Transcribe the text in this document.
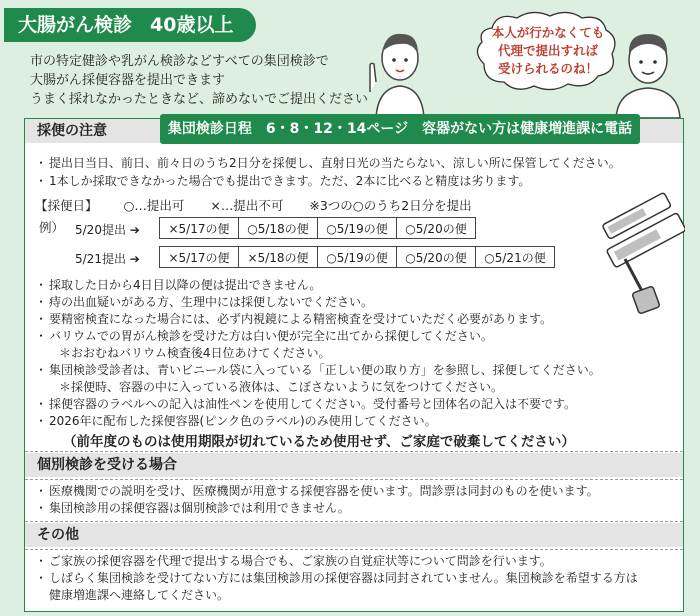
大腸がん検診 40歳以上
市の特定健診や乳がん検診などすべての集団検診で
大腸がん採便容器を提出できます
うまく採れなかったときなど、諦めないでご提出ください
本人が行かなくても
代理で提出すれば
受けられるのね！
採便の注意
・ 提出日当日、前日、前々日のうち2日分を採便し、直射日光の当たらない、涼しい所に保管してください。
・ 1本しか採取できなかった場合でも提出できます。ただ、2本に比べると精度は劣ります。
【採便日】 ○…提出可 ×…提出不可 ※3つの○のうち2日分を提出
例） 5/20提出 ➔	×5/17の便	○5/18の便	○5/19の便	○5/20の便
5/21提出 ➔	×5/17の便	×5/18の便	○5/19の便	○5/20の便	○5/21の便
・ 採取した日から4日目以降の便は提出できません。
・ 痔の出血疑いがある方、生理中には採便しないでください。
・ 要精密検査になった場合には、必ず内視鏡による精密検査を受けていただく必要があります。
・ バリウムでの胃がん検診を受けた方は白い便が完全に出てから採便してください。
＊おおむねバリウム検査後4日位あけてください。
・ 集団検診受診者は、青いビニール袋に入っている「正しい便の取り方」を参照し、採便してください。
＊採便時、容器の中に入っている液体は、こぼさないように気をつけてください。
・ 採便容器のラベルへの記入は油性ペンを使用してください。受付番号と団体名の記入は不要です。
・ 2026年に配布した採便容器(ピンク色のラベル)のみ使用してください。
（前年度のものは使用期限が切れているため使用せず、ご家庭で破棄してください）
個別検診を受ける場合
・ 医療機関での説明を受け、医療機関が用意する採便容器を使います。問診票は同封のものを使います。
・ 集団検診用の採便容器は個別検診では利用できません。
その他
・ ご家族の採便容器を代理で提出する場合でも、ご家族の自覚症状等について問診を行います。
・ しばらく集団検診を受けてない方には集団検診用の採便容器は同封されていません。集団検診を希望する方は
健康増進課へ連絡してください。
集団検診日程　6・8・12・14ページ　容器がない方は健康増進課に電話
